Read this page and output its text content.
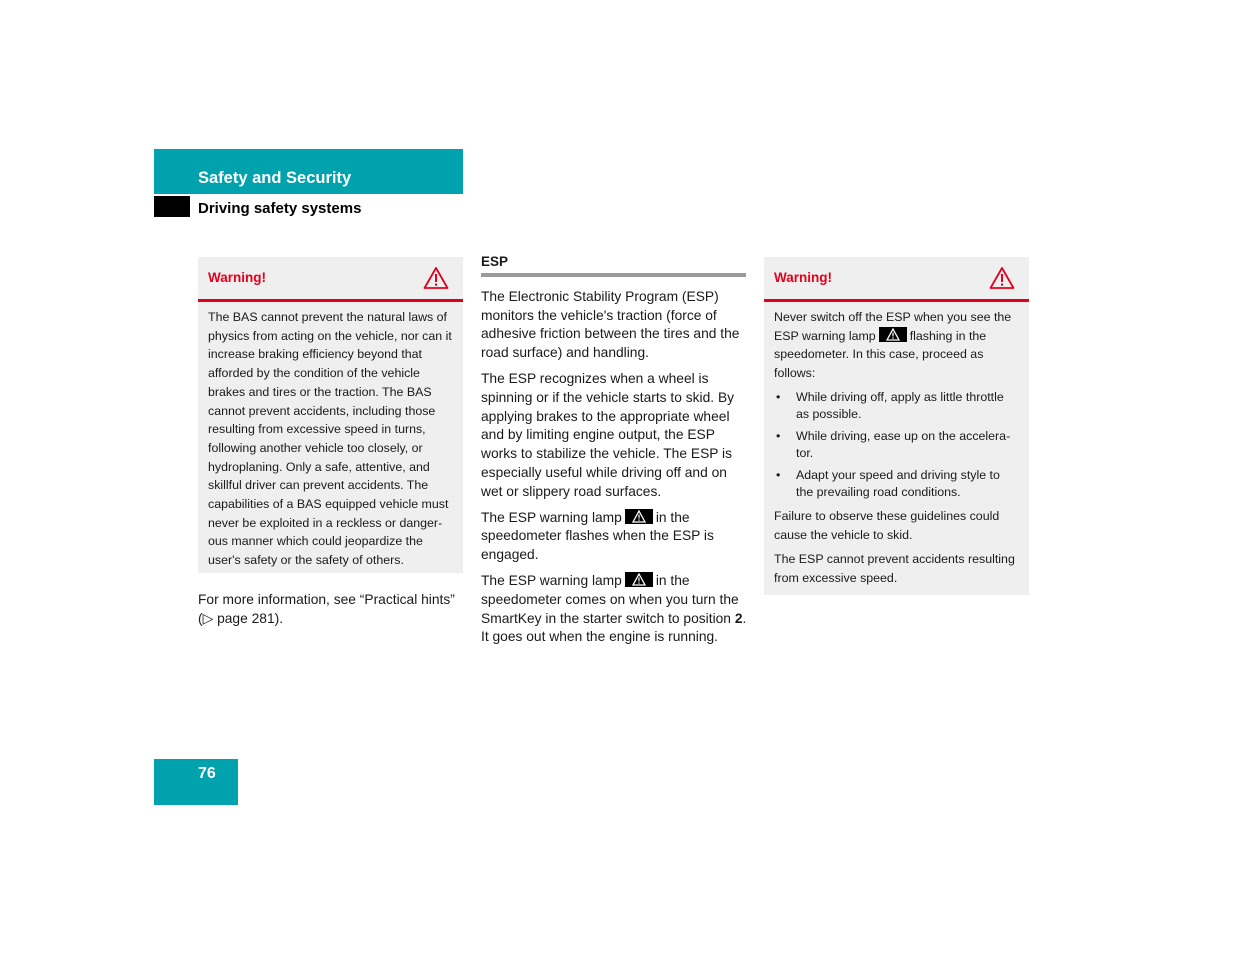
Safety and Security
Driving safety systems
Warning!

The BAS cannot prevent the natural laws of physics from acting on the vehicle, nor can it increase braking efficiency beyond that afforded by the condition of the vehicle brakes and tires or the traction. The BAS cannot prevent accidents, including those resulting from excessive speed in turns, following another vehicle too closely, or hydroplaning. Only a safe, attentive, and skillful driver can prevent accidents. The capabilities of a BAS equipped vehicle must never be exploited in a reckless or danger-ous manner which could jeopardize the user's safety or the safety of others.

For more information, see “Practical hints” (▷ page 281).

ESP

The Electronic Stability Program (ESP) monitors the vehicle's traction (force of adhesive friction between the tires and the road surface) and handling.

The ESP recognizes when a wheel is spinning or if the vehicle starts to skid. By applying brakes to the appropriate wheel and by limiting engine output, the ESP works to stabilize the vehicle. The ESP is especially useful while driving off and on wet or slippery road surfaces.

The ESP warning lamp in the speedometer flashes when the ESP is engaged.

The ESP warning lamp in the speedometer comes on when you turn the SmartKey in the starter switch to position 2. It goes out when the engine is running.

Warning!

Never switch off the ESP when you see the ESP warning lamp	flashing in the speedometer. In this case, proceed as follows:

• While driving off, apply as little throttle as possible.
• While driving, ease up on the accelera-tor.
• Adapt your speed and driving style to the prevailing road conditions.

Failure to observe these guidelines could cause the vehicle to skid.

The ESP cannot prevent accidents resulting from excessive speed.

76
